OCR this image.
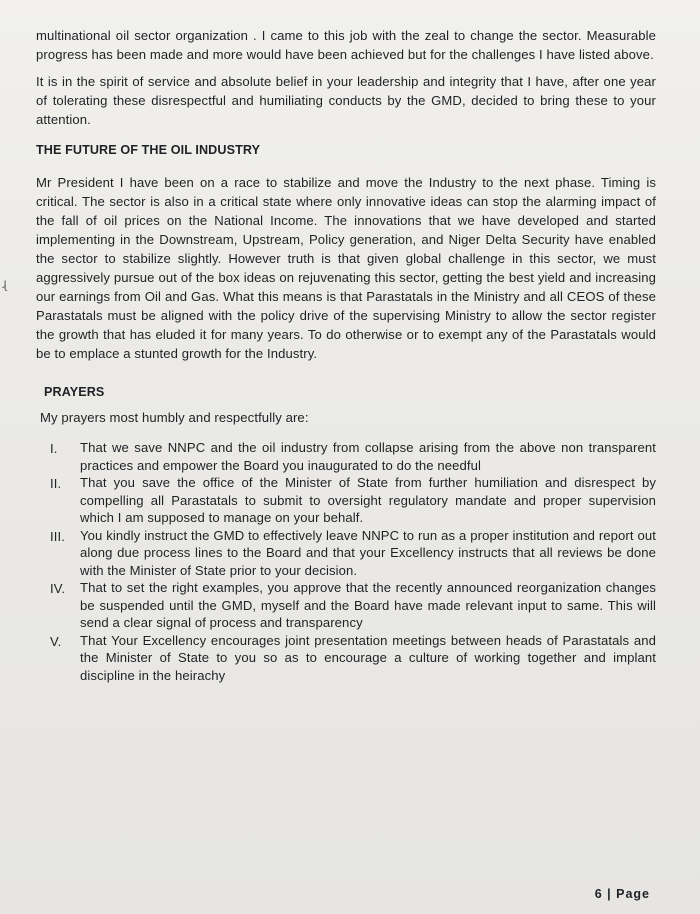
ɻ

multinational oil sector organization . I came to this job with the zeal to change the sector. Measurable progress has been made and more would have been achieved but for the challenges I have listed above.

It is in the spirit of service and absolute belief in your leadership and integrity that I have, after one year of tolerating these disrespectful and humiliating conducts by the GMD, decided to bring these to your attention.

THE FUTURE OF THE OIL INDUSTRY

Mr President I have been on a race to stabilize and move the Industry to the next phase. Timing is critical. The sector is also in a critical state where only innovative ideas can stop the alarming impact of the fall of oil prices on the National Income. The innovations that we have developed and started implementing in the Downstream, Upstream, Policy generation, and Niger Delta Security have enabled the sector to stabilize slightly. However truth is that given global challenge in this sector, we must aggressively pursue out of the box ideas on rejuvenating this sector, getting the best yield and increasing our earnings from Oil and Gas. What this means is that Parastatals in the Ministry and all CEOS of these Parastatals must be aligned with the policy drive of the supervising Ministry to allow the sector register the growth that has eluded it for many years. To do otherwise or to exempt any of the Parastatals would be to emplace a stunted growth for the Industry.

PRAYERS

My prayers most humbly and respectfully are:

I.	That we save NNPC and the oil industry from collapse arising from the above non transparent practices and empower the Board you inaugurated to do the needful
II.	That you save the office of the Minister of State from further humiliation and disrespect by compelling all Parastatals to submit to oversight regulatory mandate and proper supervision which I am supposed to manage on your behalf.
III.	You kindly instruct the GMD to effectively leave NNPC to run as a proper institution and report out along due process lines to the Board and that your Excellency instructs that all reviews be done with the Minister of State prior to your decision.
IV.	That to set the right examples, you approve that the recently announced reorganization changes be suspended until the GMD, myself and the Board have made relevant input to same. This will send a clear signal of process and transparency
V.	That Your Excellency encourages joint presentation meetings between heads of Parastatals and the Minister of State to you so as to encourage a culture of working together and implant discipline in the heirachy
6 | Page
